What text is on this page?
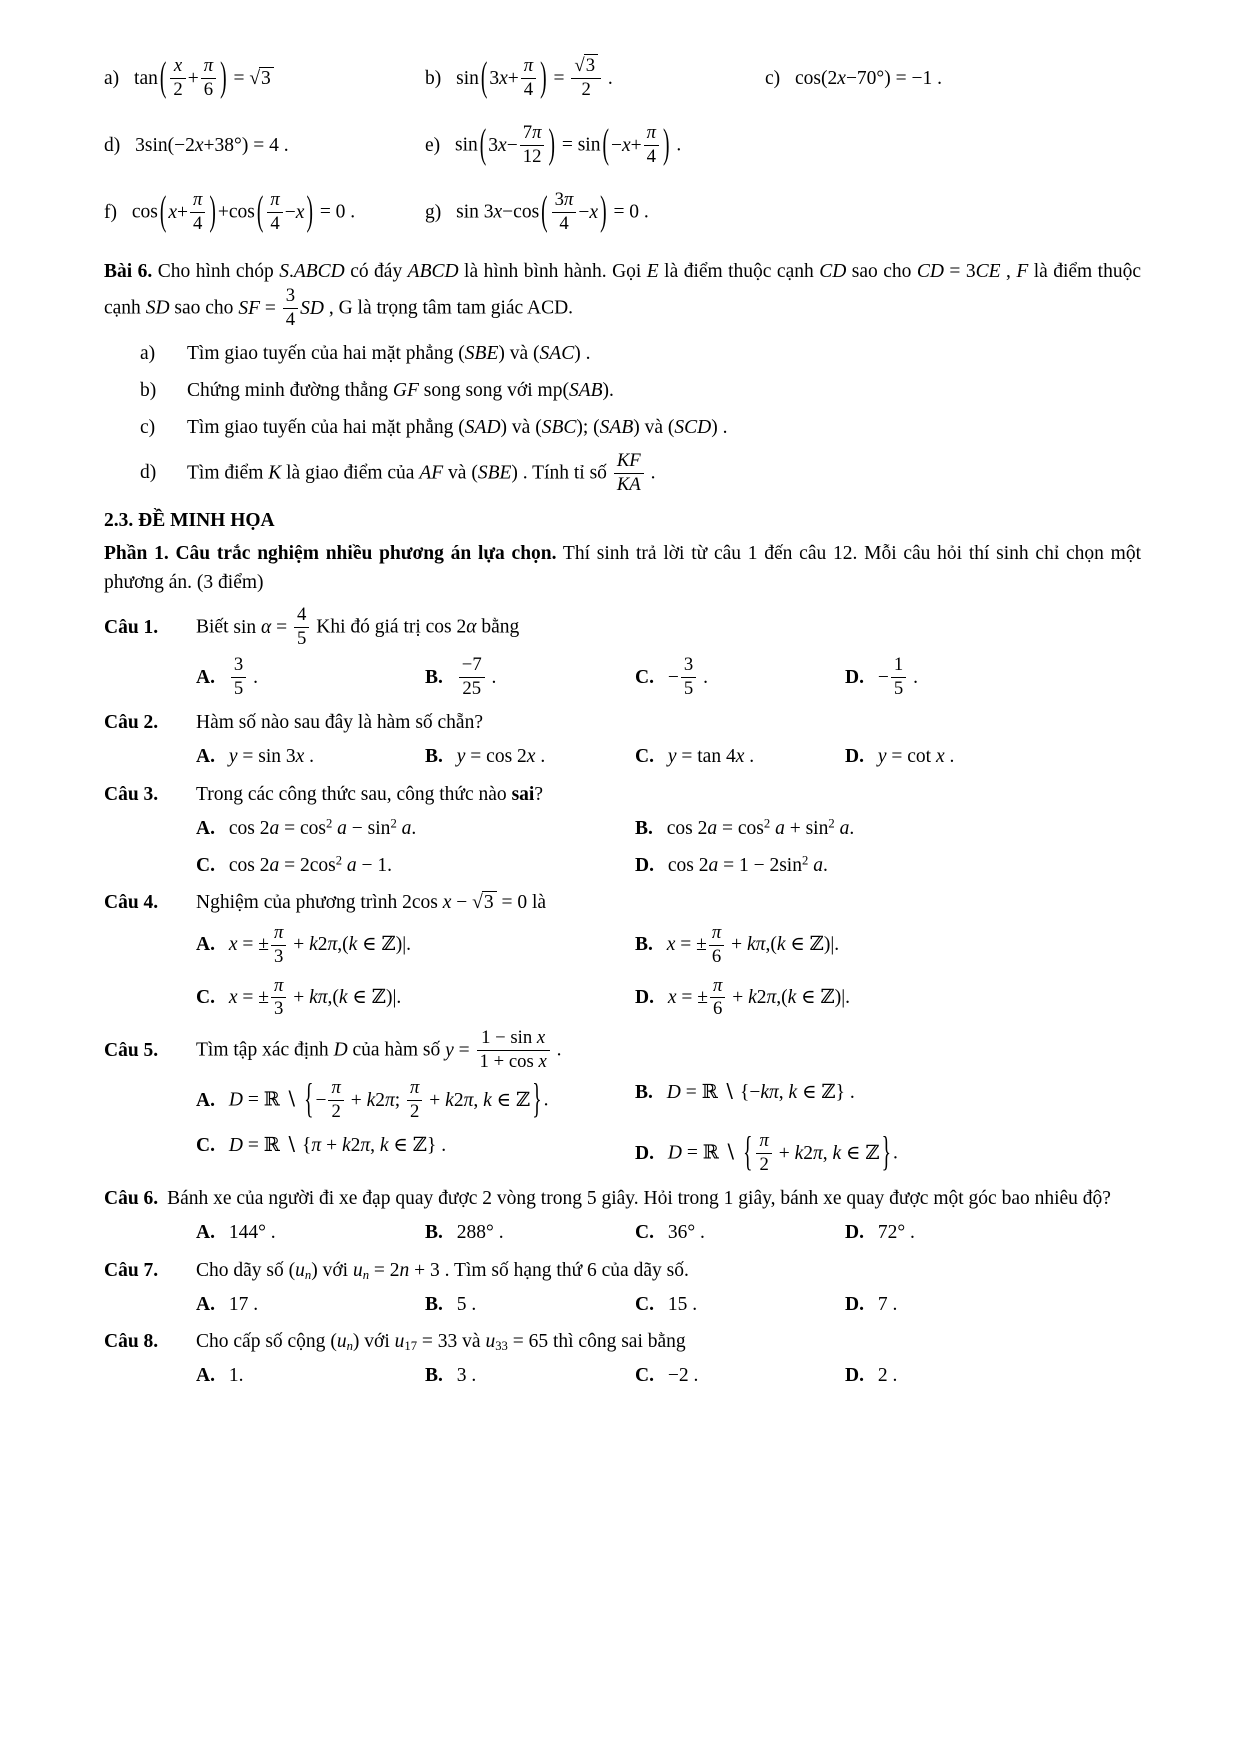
a) tan ( $\frac{x}{2} + \frac{\pi}{6}$ ) = √3	b) sin ( $3x+ \frac{\pi}{4}$ ) = $\frac{√3}{2}$ .	c) cos(2x−70°) = −1 .
d) 3sin(−2x+38°) = 4 .	e) sin ( $3x- \frac{7\pi}{12}$ ) = sin ( $-x+ \frac{\pi}{4}$ ) .
f) cos ( $x+ \frac{\pi}{4}$ ) +cos ( $\frac{\pi}{4} -x$ ) = 0 .	g) sin 3x−cos ( $\frac{3\pi}{4} -x$ ) = 0 .

Bài 6. Cho hình chóp S.ABCD có đáy ABCD là hình bình hành. Gọi E là điểm thuộc cạnh CD sao cho CD = 3CE , F là điểm thuộc cạnh SD sao cho SF = $\frac{3}{4}$ SD , G là trọng tâm tam giác ACD.

a)	Tìm giao tuyến của hai mặt phẳng (SBE) và (SAC) .
b)	Chứng minh đường thẳng GF song song với mp(SAB).
c)	Tìm giao tuyến của hai mặt phẳng (SAD) và (SBC); (SAB) và (SCD) .
d)	Tìm điểm K là giao điểm của AF và (SBE) . Tính tỉ số $\frac{KF}{KA}$ .
2.3. ĐỀ MINH HỌA

Phần 1. Câu trắc nghiệm nhiều phương án lựa chọn. Thí sinh trả lời từ câu 1 đến câu 12. Mỗi câu hỏi thí sinh chỉ chọn một phương án. (3 điểm)

Câu 1.	Biết $\sin \alpha = \frac{4}{5}$ Khi đó giá trị cos 2α bằng
A. $\frac{3}{5}$ .	B. $\frac{-7}{25}$ .	C. − $\frac{3}{5}$ .	D. − $\frac{1}{5}$ .
Câu 2.	Hàm số nào sau đây là hàm số chẵn?
A. y = sin 3x .	B. y = cos 2x .	C. y = tan 4x .	D. y = cot x .
Câu 3.	Trong các công thức sau, công thức nào sai?
A. $\cos 2a = \cos^2 a - \sin^2 a$.	B. $\cos 2a = \cos^2 a + \sin^2 a$.
C. $\cos 2a = 2\cos^2$ a − 1.	D. $\cos 2a = 1 - 2\sin^2$ a.
Câu 4.	Nghiệm của phương trình 2cos x − √3 = 0 là
A. x = ± $\frac{\pi}{3} + k2\pi,(k$ ∈ ℤ)|.	B. x = ± $\frac{\pi}{6} + k\pi,(k$ ∈ ℤ)|.
C. x = ± $\frac{\pi}{3} + k\pi,(k$ ∈ ℤ)|.	D. x = ± $\frac{\pi}{6} + k2\pi,(k$ ∈ ℤ)|.
Câu 5.	Tìm tập xác định D của hàm số $y = \frac{\text{1 − sin x}}{\text{1 + cos x}}$ .
A. D = ℝ ∖ { − $\frac{\pi}{2} + k2\pi$; $\frac{\pi}{2} + k2\pi$, k ∈ ℤ } .	B. D = ℝ ∖ {−kπ, k ∈ ℤ} .
C. D = ℝ ∖ {π + k2π, k ∈ ℤ} .	D. D = ℝ ∖ { $\frac{\pi}{2} + k2\pi$, k ∈ ℤ } .
Câu 6. Bánh xe của người đi xe đạp quay được 2 vòng trong 5 giây. Hỏi trong 1 giây, bánh xe quay được một góc bao nhiêu độ?
A. 144° .	B. 288° .	C. 36° .	D. 72° .
Câu 7.	Cho dãy số (un) với un = 2n + 3 . Tìm số hạng thứ 6 của dãy số.
A. 17 .	B. 5 .	C. 15 .	D. 7 .
Câu 8.	Cho cấp số cộng (un) với u17 = 33 và u33 = 65 thì công sai bằng
A. 1.	B. 3 .	C. −2 .	D. 2 .
